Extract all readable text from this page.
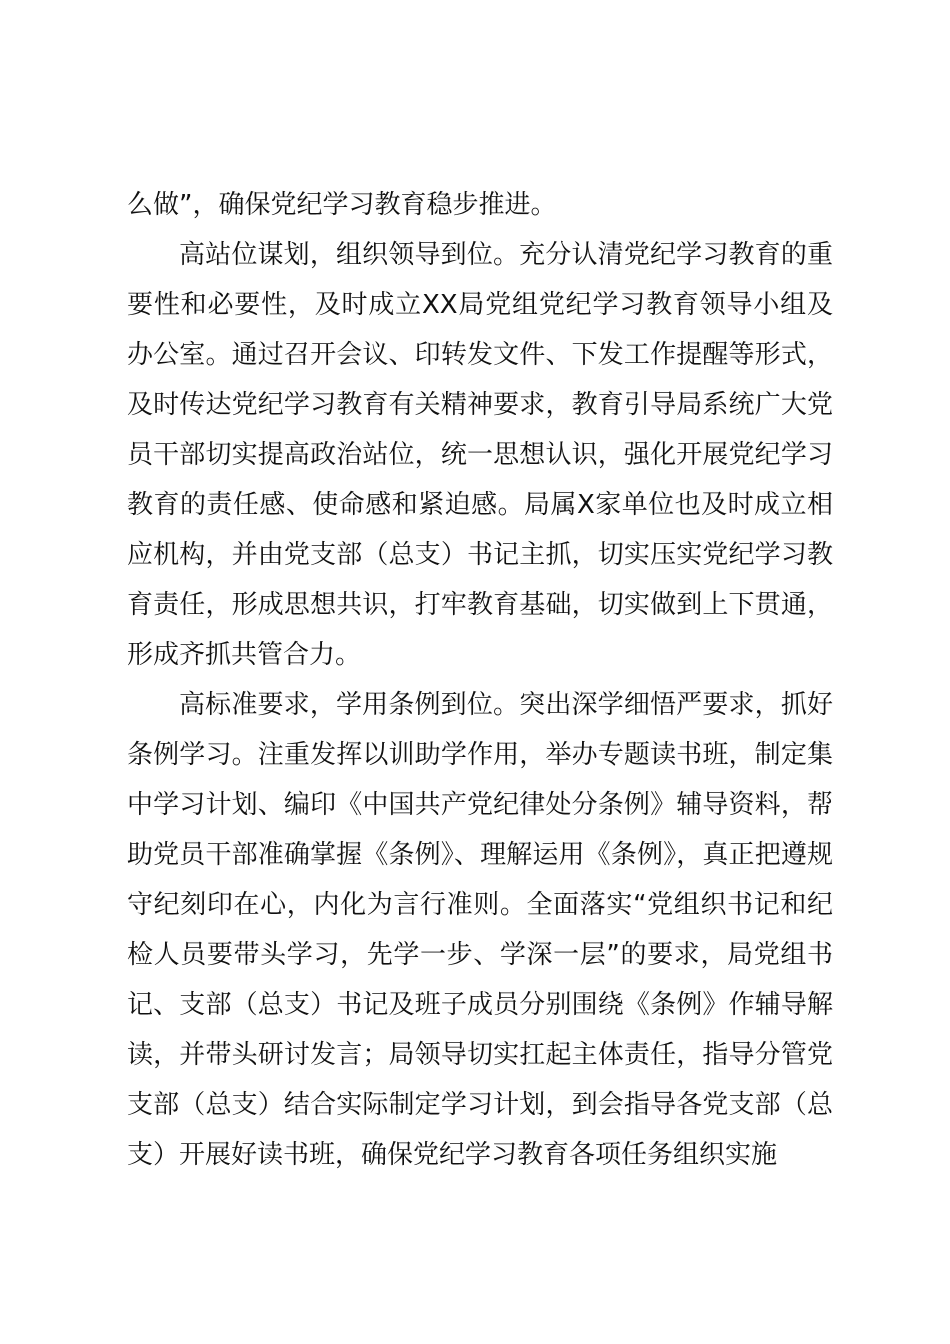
么做”，确保党纪学习教育稳步推进。

高站位谋划，组织领导到位。充分认清党纪学习教育的重要性和必要性，及时成立XX局党组党纪学习教育领导小组及办公室。通过召开会议、印转发文件、下发工作提醒等形式，及时传达党纪学习教育有关精神要求，教育引导局系统广大党员干部切实提高政治站位，统一思想认识，强化开展党纪学习教育的责任感、使命感和紧迫感。局属X家单位也及时成立相应机构，并由党支部（总支）书记主抓，切实压实党纪学习教育责任，形成思想共识，打牢教育基础，切实做到上下贯通，形成齐抓共管合力。

高标准要求，学用条例到位。突出深学细悟严要求，抓好条例学习。注重发挥以训助学作用，举办专题读书班，制定集中学习计划、编印《中国共产党纪律处分条例》辅导资料，帮助党员干部准确掌握《条例》、理解运用《条例》，真正把遵规守纪刻印在心，内化为言行准则。全面落实“党组织书记和纪检人员要带头学习，先学一步、学深一层”的要求，局党组书记、支部（总支）书记及班子成员分别围绕《条例》作辅导解读，并带头研讨发言；局领导切实扛起主体责任，指导分管党支部（总支）结合实际制定学习计划，到会指导各党支部（总支）开展好读书班，确保党纪学习教育各项任务组织实施
